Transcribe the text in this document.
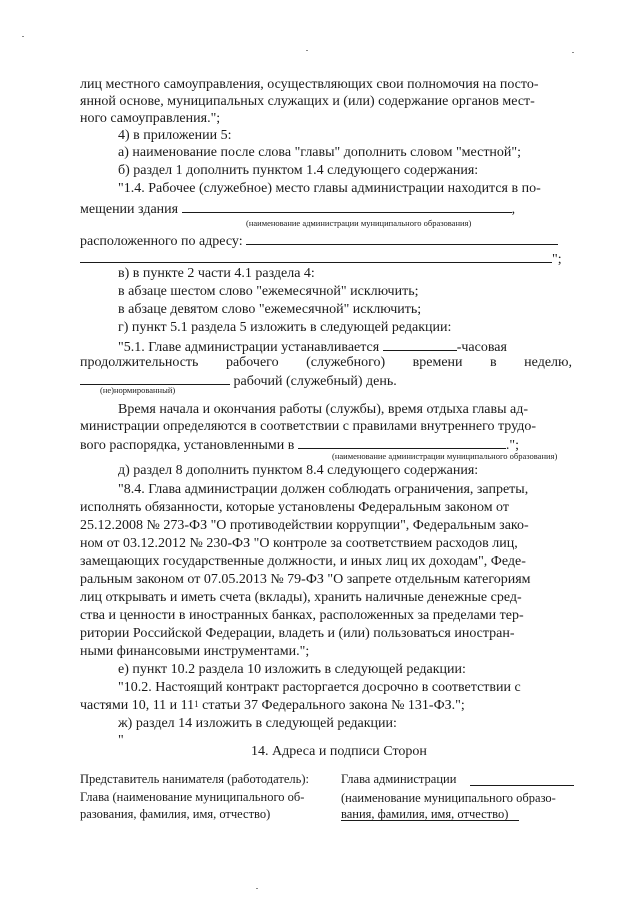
лиц местного самоуправления, осуществляющих свои полномочия на посто-
янной основе, муниципальных служащих и (или) содержание органов мест-
ного самоуправления.";
4) в приложении 5:
а) наименование после слова "главы" дополнить словом "местной";
б) раздел 1 дополнить пунктом 1.4 следующего содержания:
"1.4. Рабочее (служебное) место главы администрации находится в по-
мещении здания	,
(наименование администрации муниципального образования)
расположенного по адресу:
";
в) в пункте 2 части 4.1 раздела 4:
в абзаце шестом слово "ежемесячной" исключить;
в абзаце девятом слово "ежемесячной" исключить;
г) пункт 5.1 раздела 5 изложить в следующей редакции:
"5.1. Главе администрации устанавливается	-часовая
продолжительность рабочего (служебного) времени в неделю,
рабочий (служебный) день.
(не)нормированный)
Время начала и окончания работы (службы), время отдыха главы ад-
министрации определяются в соответствии с правилами внутреннего трудо-
вого распорядка, установленными в	.";
(наименование администрации муниципального образования)
д) раздел 8 дополнить пунктом 8.4 следующего содержания:
"8.4. Глава администрации должен соблюдать ограничения, запреты,
исполнять обязанности, которые установлены Федеральным законом от
25.12.2008 № 273-ФЗ "О противодействии коррупции", Федеральным зако-
ном от 03.12.2012 № 230-ФЗ "О контроле за соответствием расходов лиц,
замещающих государственные должности, и иных лиц их доходам", Феде-
ральным законом от 07.05.2013 № 79-ФЗ "О запрете отдельным категориям
лиц открывать и иметь счета (вклады), хранить наличные денежные сред-
ства и ценности в иностранных банках, расположенных за пределами тер-
ритории Российской Федерации, владеть и (или) пользоваться иностран-
ными финансовыми инструментами.";
е) пункт 10.2 раздела 10 изложить в следующей редакции:
"10.2. Настоящий контракт расторгается досрочно в соответствии с
частями 10, 11 и $11^1$ статьи 37 Федерального закона № 131-ФЗ.";
ж) раздел 14 изложить в следующей редакции:
"
14. Адреса и подписи Сторон
Представитель нанимателя (работодатель):
Глава (наименование муниципального об-
разования, фамилия, имя, отчество)
Глава администрации
(наименование муниципального образо-
вания, фамилия, имя, отчество)
